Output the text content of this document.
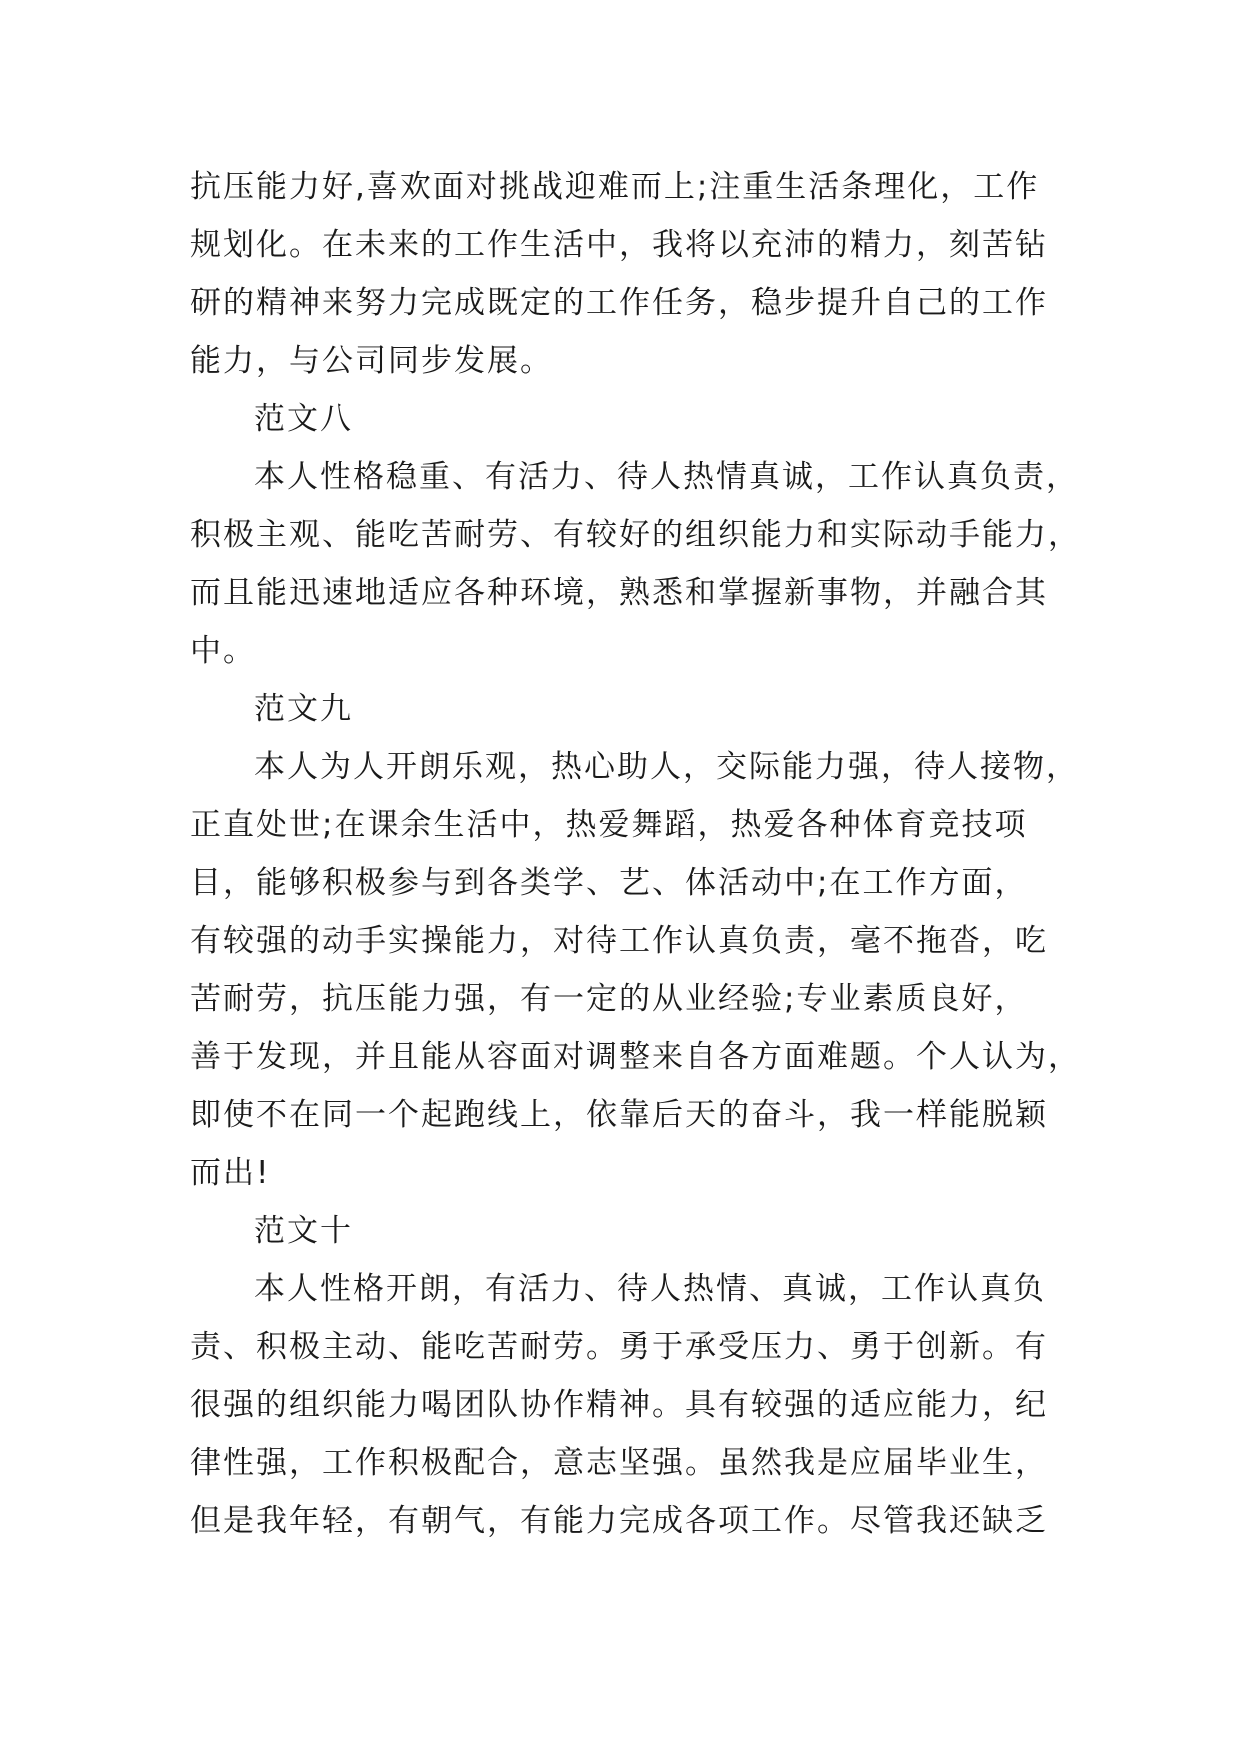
抗压能力好,喜欢面对挑战迎难而上;注重生活条理化，工作
规划化。在未来的工作生活中，我将以充沛的精力，刻苦钻
研的精神来努力完成既定的工作任务，稳步提升自己的工作
能力，与公司同步发展。
范文八
本人性格稳重、有活力、待人热情真诚，工作认真负责，
积极主观、能吃苦耐劳、有较好的组织能力和实际动手能力，
而且能迅速地适应各种环境，熟悉和掌握新事物，并融合其
中。
范文九
本人为人开朗乐观，热心助人，交际能力强，待人接物，
正直处世;在课余生活中，热爱舞蹈，热爱各种体育竞技项
目，能够积极参与到各类学、艺、体活动中;在工作方面，
有较强的动手实操能力，对待工作认真负责，毫不拖沓，吃
苦耐劳，抗压能力强，有一定的从业经验;专业素质良好，
善于发现，并且能从容面对调整来自各方面难题。个人认为，
即使不在同一个起跑线上，依靠后天的奋斗，我一样能脱颖
而出!
范文十
本人性格开朗，有活力、待人热情、真诚，工作认真负
责、积极主动、能吃苦耐劳。勇于承受压力、勇于创新。有
很强的组织能力喝团队协作精神。具有较强的适应能力，纪
律性强，工作积极配合，意志坚强。虽然我是应届毕业生，
但是我年轻，有朝气，有能力完成各项工作。尽管我还缺乏
